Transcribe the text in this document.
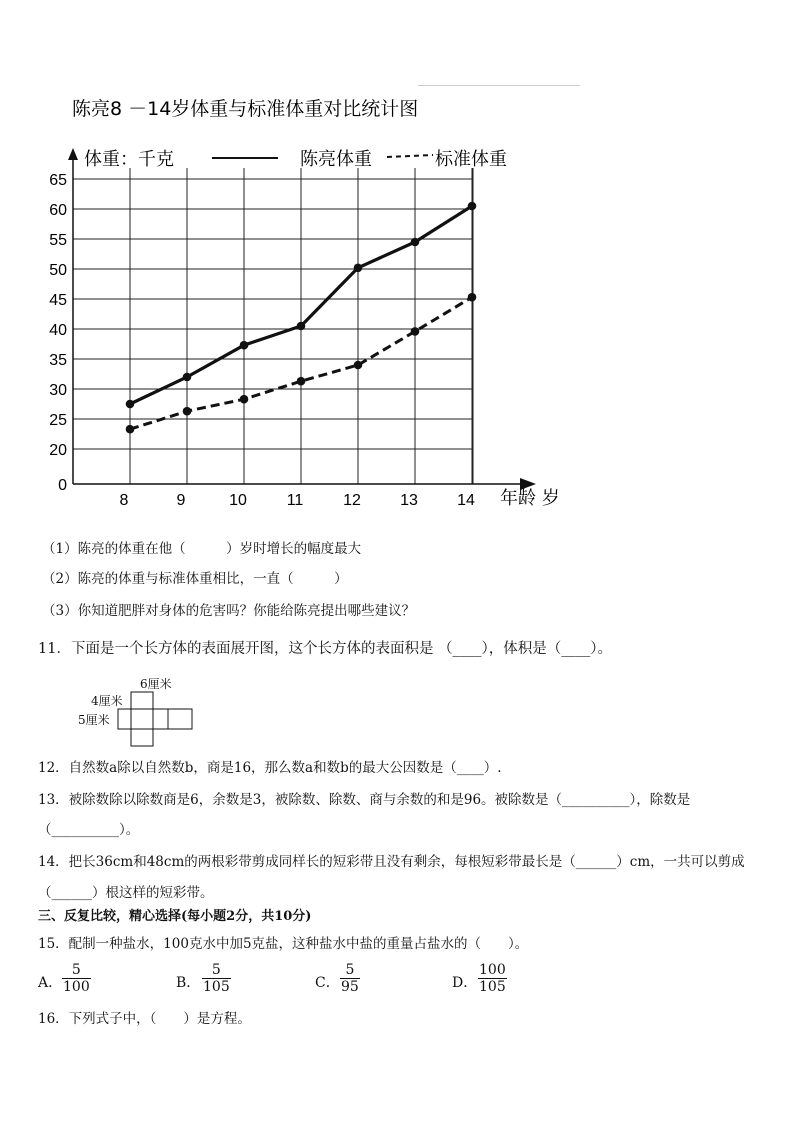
陈亮8 －14岁体重与标准体重对比统计图
0
20
25
30
35
40
45
50
55
60
65
8	9	10 11 12 13 14
体重：千克	陈亮体重	标准体重
年龄 岁
（1）陈亮的体重在他（　　　）岁时增长的幅度最大
（2）陈亮的体重与标准体重相比，一直（　　　）
（3）你知道肥胖对身体的危害吗？你能给陈亮提出哪些建议？
11．下面是一个长方体的表面展开图，这个长方体的表面积是 （____），体积是（____）。
6厘米
4厘米
5厘米
12．自然数a除以自然数b，商是16，那么数a和数b的最大公因数是（____）.
13．被除数除以除数商是6，余数是3，被除数、除数、商与余数的和是96。被除数是（__________），除数是
（__________）。
14．把长36cm和48cm的两根彩带剪成同样长的短彩带且没有剩余，每根短彩带最长是（______）cm，一共可以剪成
（______）根这样的短彩带。
三、反复比较，精心选择(每小题2分，共10分)
15．配制一种盐水，100克水中加5克盐，这种盐水中盐的重量占盐水的（　　）。
A． $\frac{5}{100}$	B． $\frac{5}{105}$	C． $\frac{5}{95}$	D． $\frac{100}{105}$
16．下列式子中，（　　）是方程。
